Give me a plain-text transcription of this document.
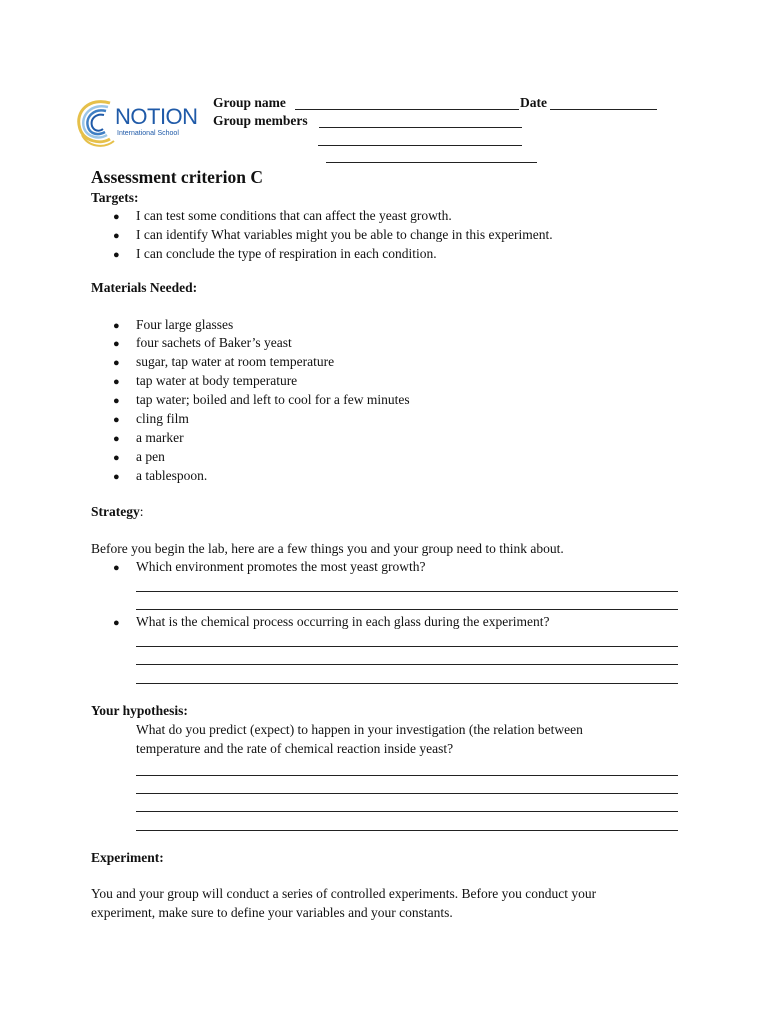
NOTION
International School
Group name	Date
Group members
Assessment criterion C
Targets:
● I can test some conditions that can affect the yeast growth.
● I can identify What variables might you be able to change in this experiment.
● I can conclude the type of respiration in each condition.
Materials Needed:
● Four large glasses
● four sachets of Baker’s yeast
● sugar, tap water at room temperature
● tap water at body temperature
● tap water; boiled and left to cool for a few minutes
● cling film
● a marker
● a pen
● a tablespoon.
Strategy:
Before you begin the lab, here are a few things you and your group need to think about.
● Which environment promotes the most yeast growth?
● What is the chemical process occurring in each glass during the experiment?
Your hypothesis:
What do you predict (expect) to happen in your investigation (the relation between
temperature and the rate of chemical reaction inside yeast?
Experiment:
You and your group will conduct a series of controlled experiments. Before you conduct your
experiment, make sure to define your variables and your constants.
